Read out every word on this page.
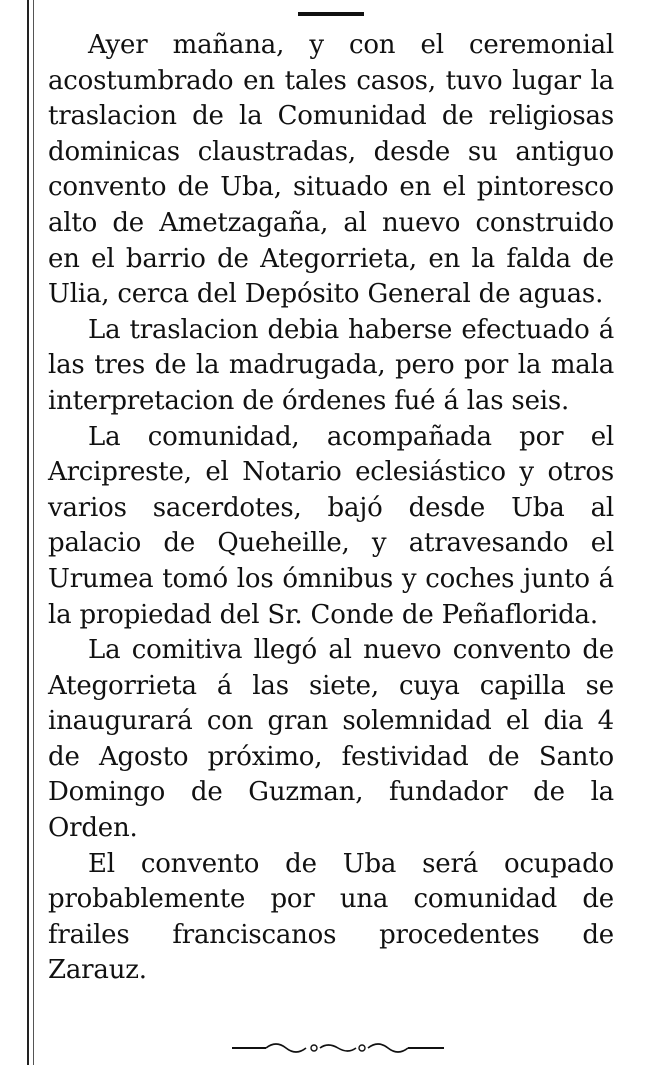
Ayer mañana, y con el ceremonial acostumbrado en tales casos, tuvo lugar la traslacion de la Comunidad de religiosas dominicas claustradas, desde su antiguo convento de Uba, situado en el pintoresco alto de Ametzagaña, al nuevo construido en el barrio de Ategorrieta, en la falda de Ulia, cerca del Depósito General de aguas.

La traslacion debia haberse efectuado á las tres de la madrugada, pero por la mala interpretacion de órdenes fué á las seis.

La comunidad, acompañada por el Arcipreste, el Notario eclesiástico y otros varios sacerdotes, bajó desde Uba al palacio de Queheille, y atravesando el Urumea tomó los ómnibus y coches junto á la propiedad del Sr. Conde de Peñaflorida.

La comitiva llegó al nuevo convento de Ategorrieta á las siete, cuya capilla se inaugurará con gran solemnidad el dia 4 de Agosto próximo, festividad de Santo Domingo de Guzman, fundador de la Orden.

El convento de Uba será ocupado probablemente por una comunidad de frailes franciscanos procedentes de Zarauz.
